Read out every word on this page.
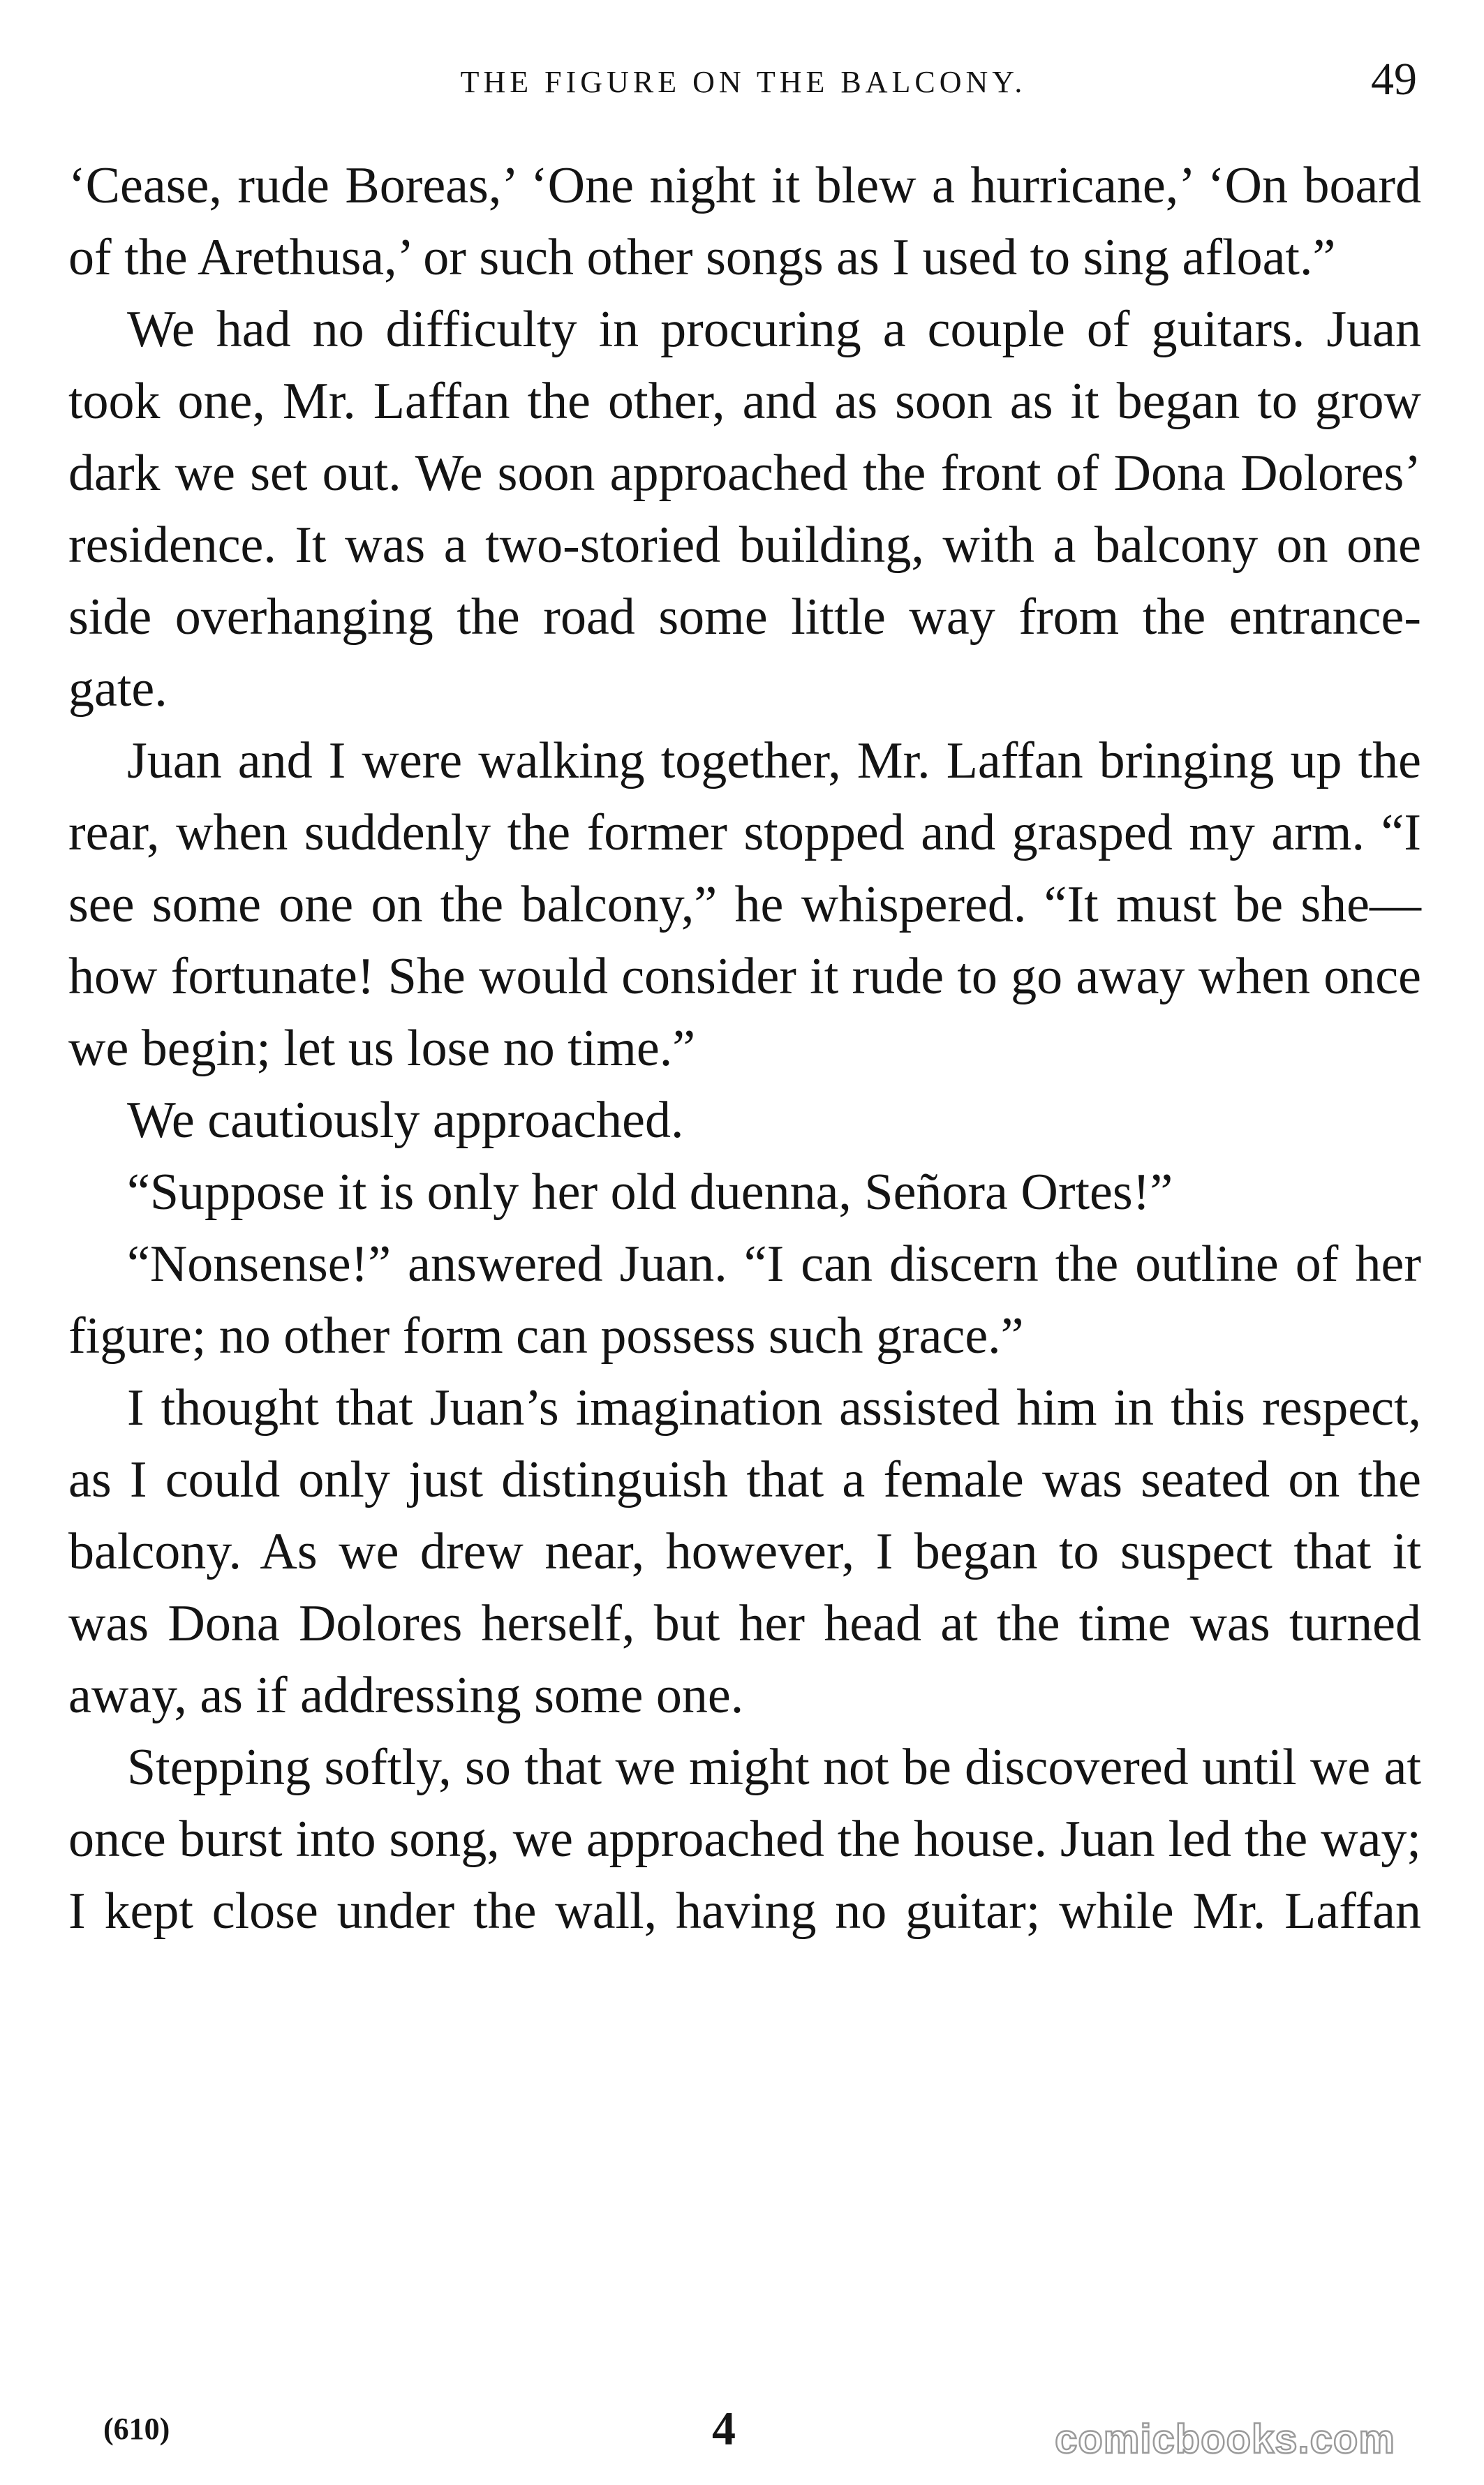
THE FIGURE ON THE BALCONY.	49

‘Cease, rude Boreas,’ ‘One night it blew a hurricane,’ ‘On board of the Arethusa,’ or such other songs as I used to sing afloat.”

We had no difficulty in procuring a couple of guitars. Juan took one, Mr. Laffan the other, and as soon as it began to grow dark we set out. We soon approached the front of Dona Dolores’ residence. It was a two-storied building, with a balcony on one side overhanging the road some little way from the entrance-gate.

Juan and I were walking together, Mr. Laffan bringing up the rear, when suddenly the former stopped and grasped my arm. “I see some one on the balcony,” he whispered. “It must be she—how fortunate! She would consider it rude to go away when once we begin; let us lose no time.”

We cautiously approached.

“Suppose it is only her old duenna, Señora Ortes!”

“Nonsense!” answered Juan. “I can discern the outline of her figure; no other form can possess such grace.”

I thought that Juan’s imagination assisted him in this respect, as I could only just distinguish that a female was seated on the balcony. As we drew near, however, I began to suspect that it was Dona Dolores herself, but her head at the time was turned away, as if addressing some one.

Stepping softly, so that we might not be discovered until we at once burst into song, we approached the house. Juan led the way; I kept close under the wall, having no guitar; while Mr. Laffan

(610)	4	comicbooks.com
